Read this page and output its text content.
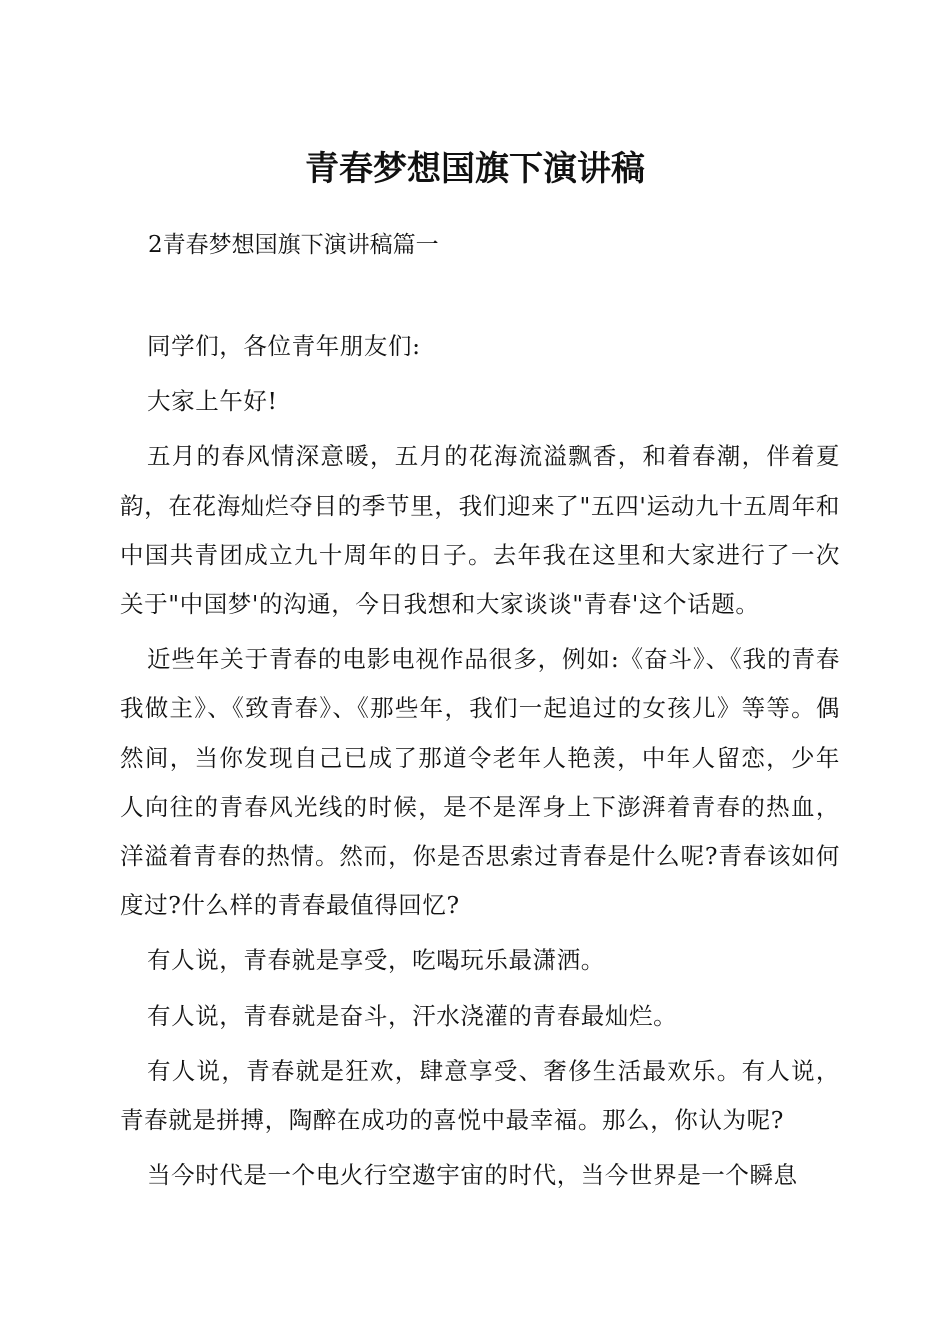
青春梦想国旗下演讲稿

2青春梦想国旗下演讲稿篇一

同学们，各位青年朋友们:

大家上午好!

五月的春风情深意暖，五月的花海流溢飘香，和着春潮，伴着夏韵，在花海灿烂夺目的季节里，我们迎来了"五四'运动九十五周年和中国共青团成立九十周年的日子。去年我在这里和大家进行了一次关于"中国梦'的沟通，今日我想和大家谈谈"青春'这个话题。

近些年关于青春的电影电视作品很多，例如:《奋斗》、《我的青春我做主》、《致青春》、《那些年，我们一起追过的女孩儿》等等。偶然间，当你发现自己已成了那道令老年人艳羡，中年人留恋，少年人向往的青春风光线的时候，是不是浑身上下澎湃着青春的热血，洋溢着青春的热情。然而，你是否思索过青春是什么呢?青春该如何度过?什么样的青春最值得回忆?

有人说，青春就是享受，吃喝玩乐最潇洒。

有人说，青春就是奋斗，汗水浇灌的青春最灿烂。

有人说，青春就是狂欢，肆意享受、奢侈生活最欢乐。有人说，青春就是拼搏，陶醉在成功的喜悦中最幸福。那么，你认为呢?

当今时代是一个电火行空遨宇宙的时代，当今世界是一个瞬息
